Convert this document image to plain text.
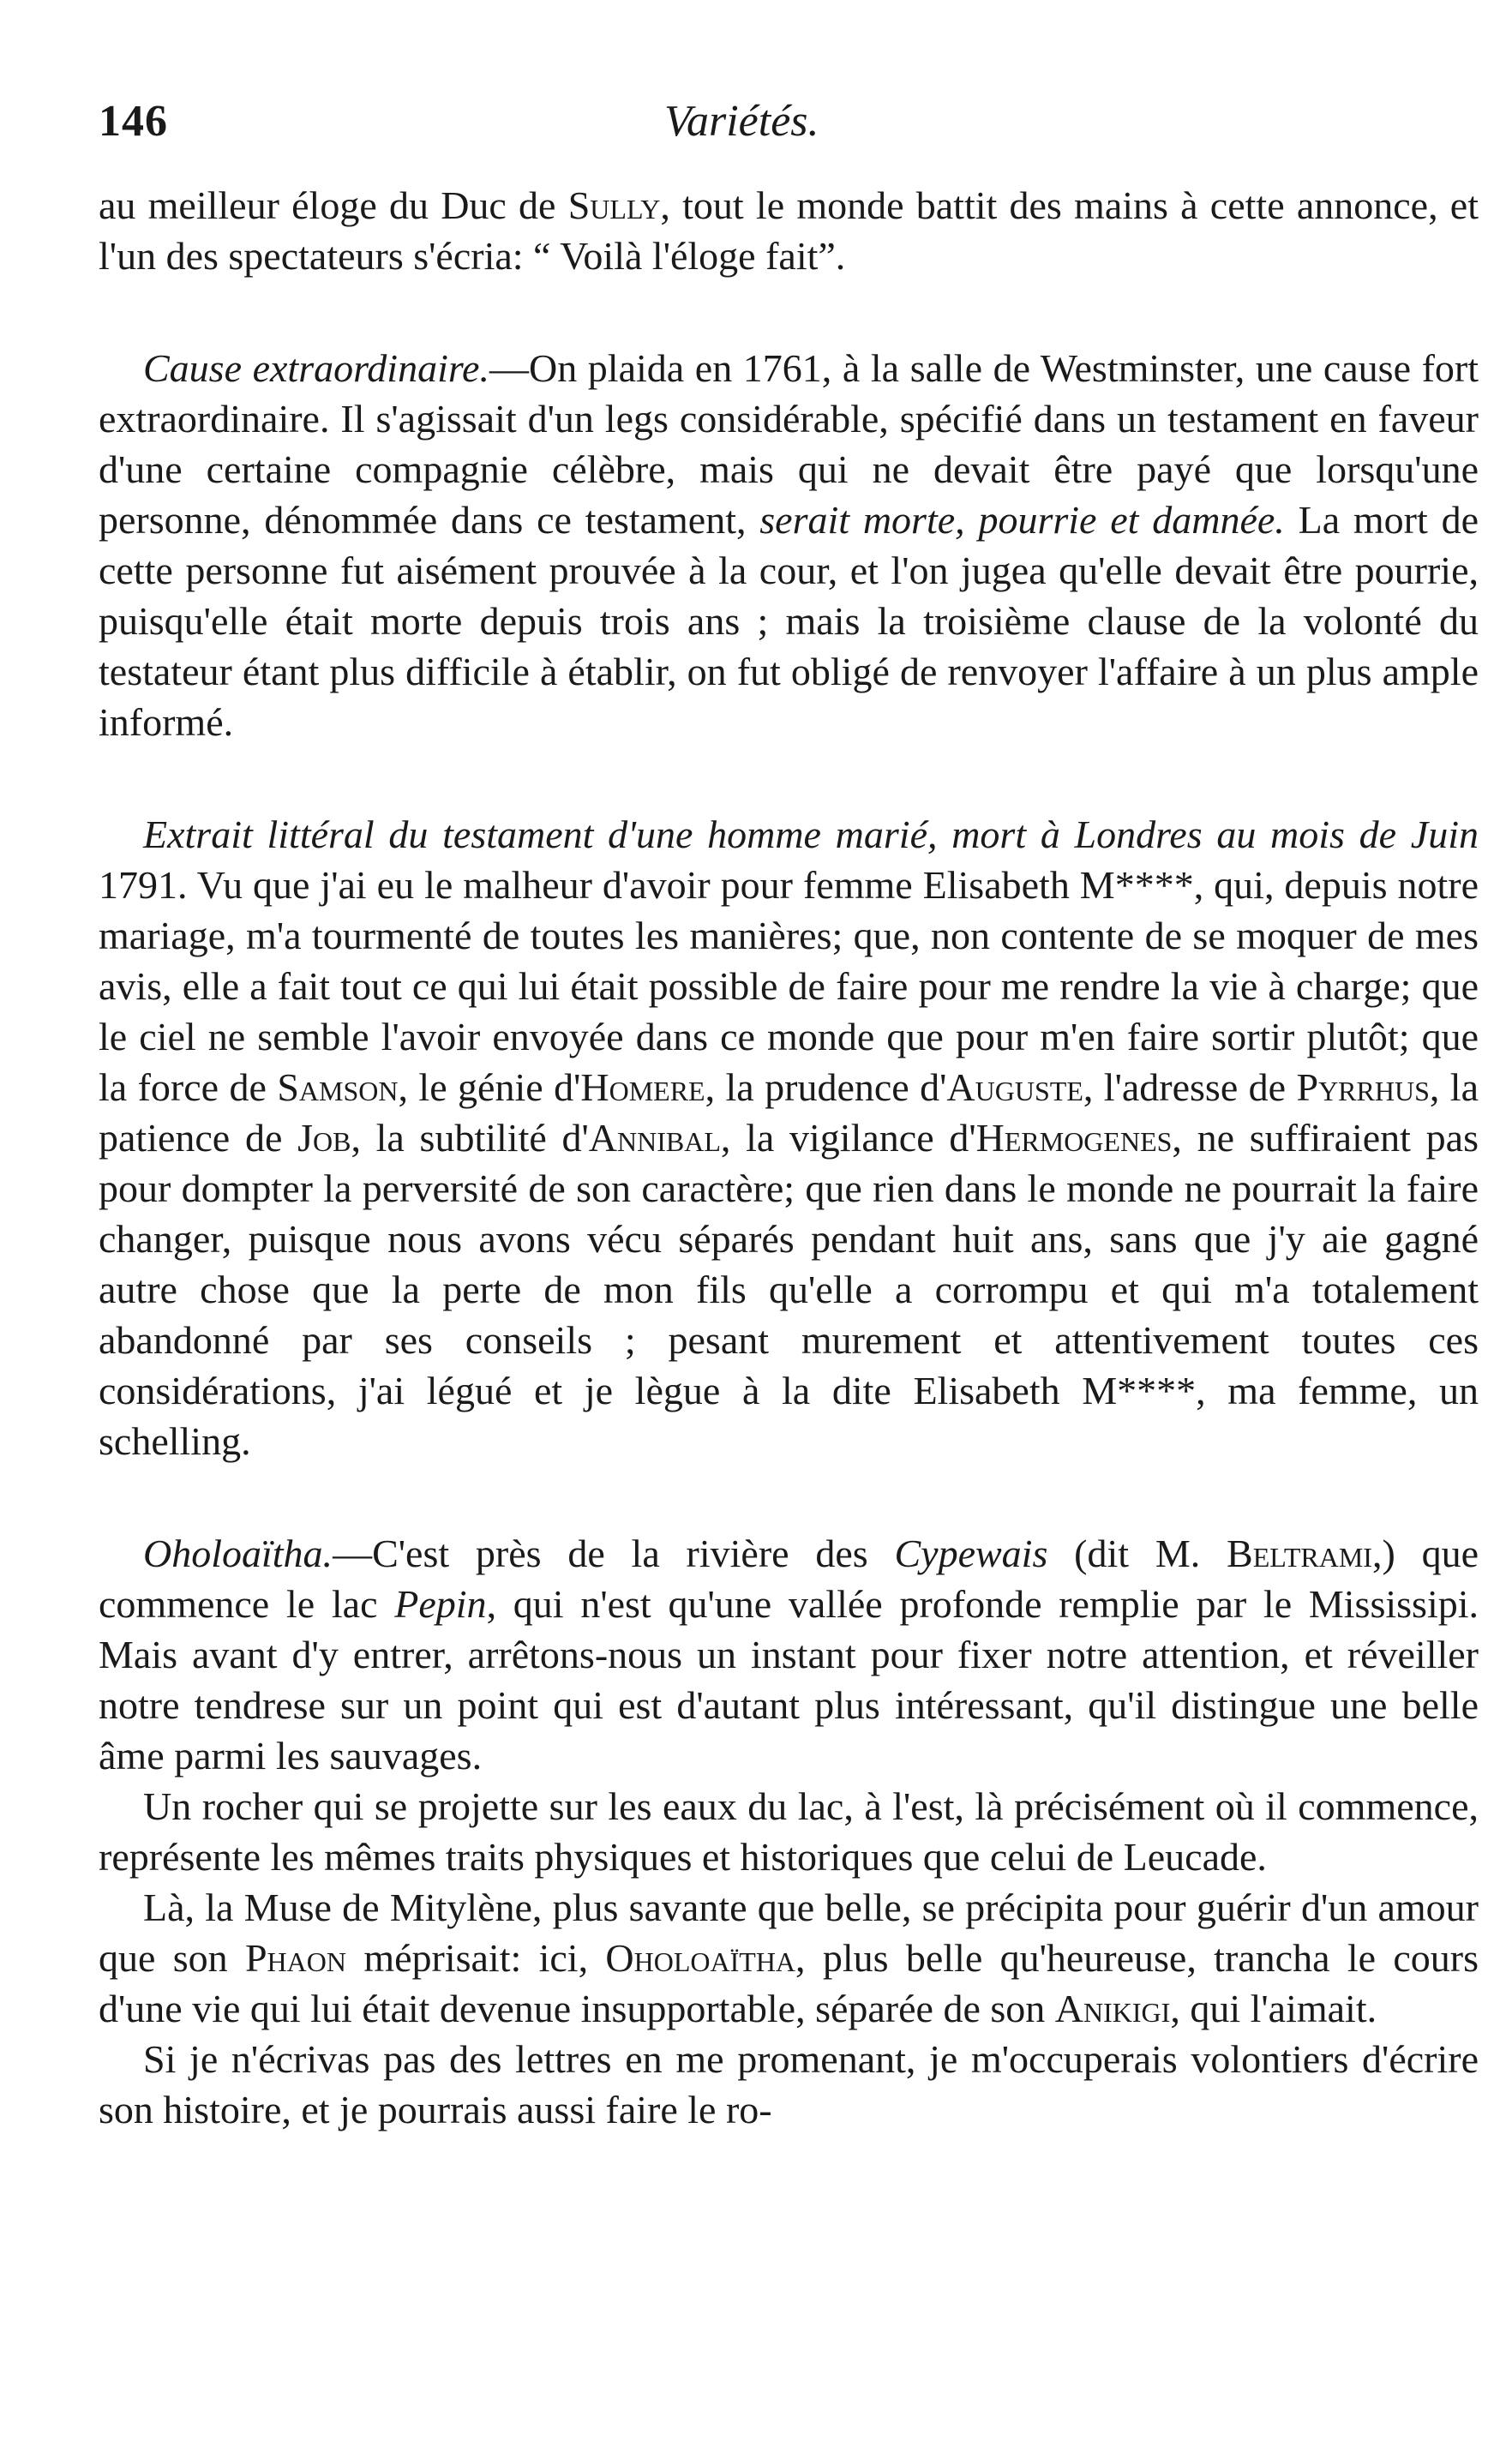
146	Variétés.

au meilleur éloge du Duc de Sully, tout le monde battit des mains à cette annonce, et l'un des spectateurs s'écria: “ Voilà l'éloge fait”.

Cause extraordinaire.—On plaida en 1761, à la salle de Westminster, une cause fort extraordinaire. Il s'agissait d'un legs considérable, spécifié dans un testament en faveur d'une certaine compagnie célèbre, mais qui ne devait être payé que lorsqu'une personne, dénommée dans ce testament, serait morte, pourrie et damnée. La mort de cette personne fut aisément prouvée à la cour, et l'on jugea qu'elle devait être pourrie, puisqu'elle était morte depuis trois ans ; mais la troisième clause de la volonté du testateur étant plus difficile à établir, on fut obligé de renvoyer l'affaire à un plus ample informé.

Extrait littéral du testament d'une homme marié, mort à Londres au mois de Juin 1791. Vu que j'ai eu le malheur d'avoir pour femme Elisabeth M****, qui, depuis notre mariage, m'a tourmenté de toutes les manières; que, non contente de se moquer de mes avis, elle a fait tout ce qui lui était possible de faire pour me rendre la vie à charge; que le ciel ne semble l'avoir envoyée dans ce monde que pour m'en faire sortir plutôt; que la force de Samson, le génie d'Homere, la prudence d'Auguste, l'adresse de Pyrrhus, la patience de Job, la subtilité d'Annibal, la vigilance d'Hermogenes, ne suffiraient pas pour dompter la perversité de son caractère; que rien dans le monde ne pourrait la faire changer, puisque nous avons vécu séparés pendant huit ans, sans que j'y aie gagné autre chose que la perte de mon fils qu'elle a corrompu et qui m'a totalement abandonné par ses conseils ; pesant murement et attentivement toutes ces considérations, j'ai légué et je lègue à la dite Elisabeth M****, ma femme, un schelling.

Oholoaïtha.—C'est près de la rivière des Cypewais (dit M. Beltrami,) que commence le lac Pepin, qui n'est qu'une vallée profonde remplie par le Mississipi. Mais avant d'y entrer, arrêtons-nous un instant pour fixer notre attention, et réveiller notre tendrese sur un point qui est d'autant plus intéressant, qu'il distingue une belle âme parmi les sauvages.

Un rocher qui se projette sur les eaux du lac, à l'est, là précisément où il commence, représente les mêmes traits physiques et historiques que celui de Leucade.

Là, la Muse de Mitylène, plus savante que belle, se précipita pour guérir d'un amour que son Phaon méprisait: ici, Oholoaïtha, plus belle qu'heureuse, trancha le cours d'une vie qui lui était devenue insupportable, séparée de son Anikigi, qui l'aimait.

Si je n'écrivas pas des lettres en me promenant, je m'occuperais volontiers d'écrire son histoire, et je pourrais aussi faire le ro-
